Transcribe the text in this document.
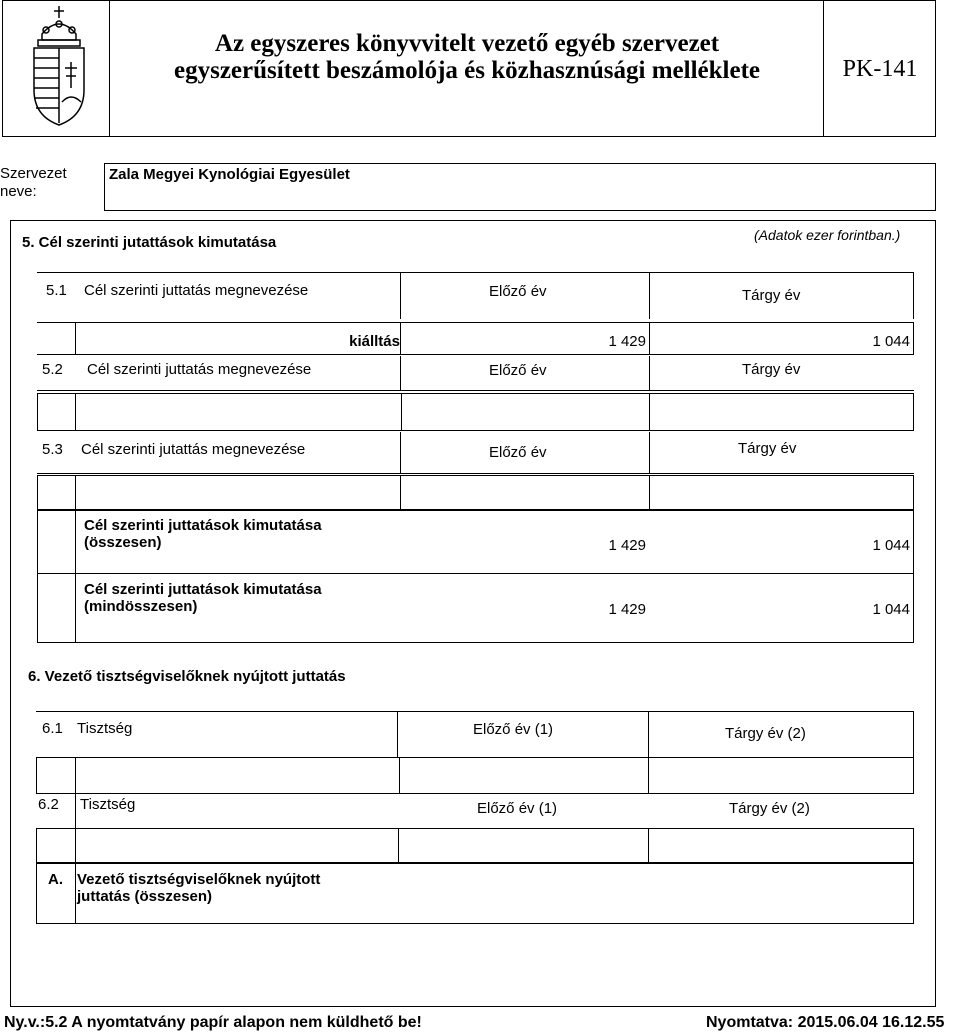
Az egyszeres könyvvitelt vezető egyéb szervezet
egyszerűsített beszámolója és közhasznúsági melléklete	PK-141
Szervezet
neve:
Zala Megyei Kynológiai Egyesület
5. Cél szerinti jutattások kimutatása	(Adatok ezer forintban.)
5.1 Cél szerinti juttatás megnevezése	Előző év	Tárgy év
kiálltás	1 429	1 044
5.2 Cél szerinti juttatás megnevezése	Előző év	Tárgy év
5.3 Cél szerinti jutattás megnevezése	Előző év	Tárgy év
Cél szerinti juttatások kimutatása
(összesen)	1 429	1 044
Cél szerinti juttatások kimutatása
(mindösszesen)	1 429	1 044
6. Vezető tisztségviselőknek nyújtott juttatás
6.1 Tisztség	Előző év (1)	Tárgy év (2)
6.2 Tisztség	Előző év (1)	Tárgy év (2)
A. Vezető tisztségviselőknek nyújtott
juttatás (összesen)
Ny.v.:5.2 A nyomtatvány papír alapon nem küldhető be!	Nyomtatva: 2015.06.04 16.12.55
